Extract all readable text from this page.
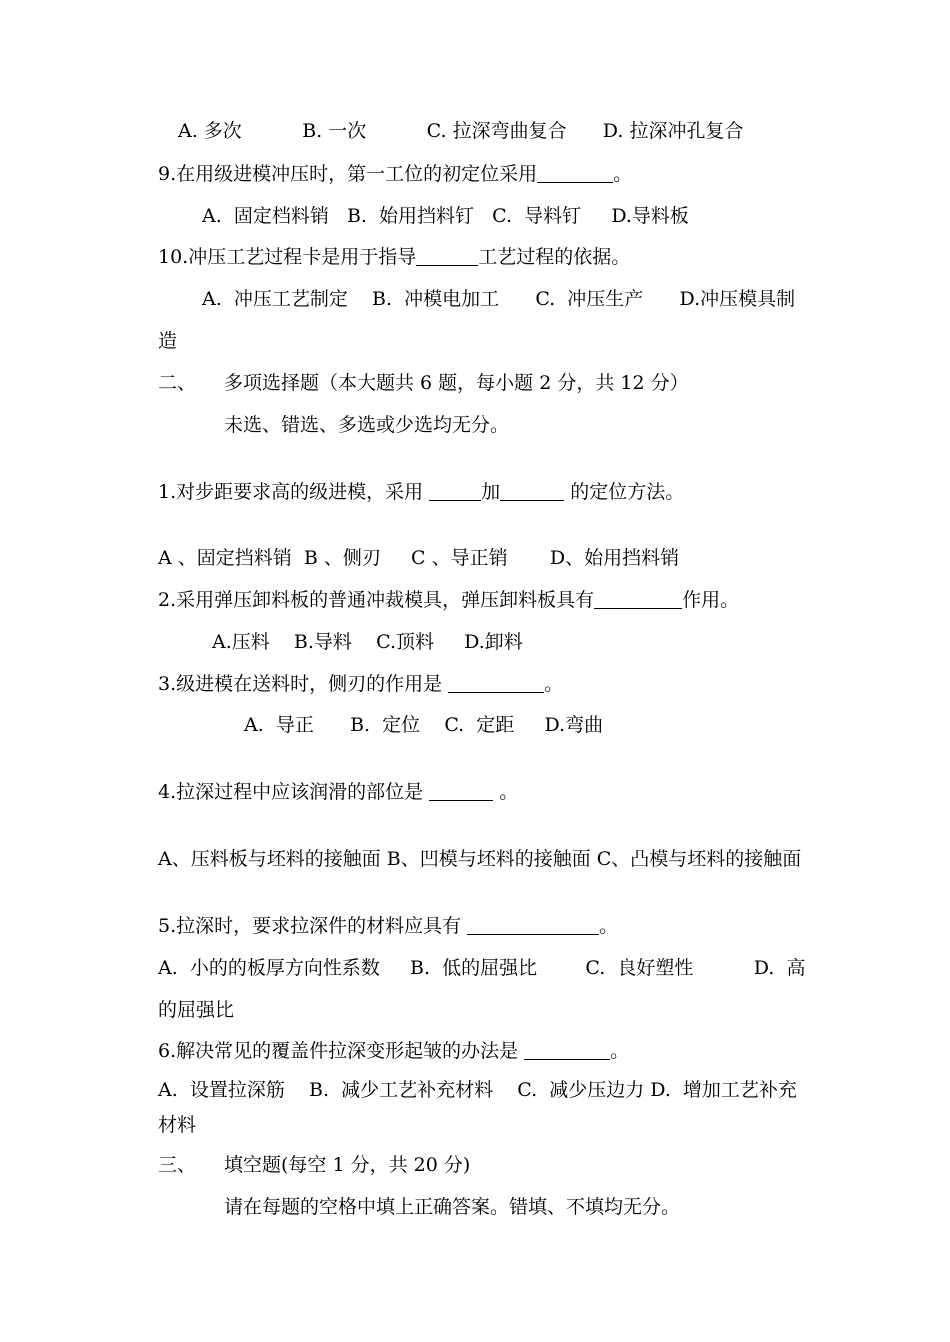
A. 多次          B. 一次          C. 拉深弯曲复合      D. 拉深冲孔复合
9.在用级进模冲压时，第一工位的初定位采用	。
A.  固定档料销   B.  始用挡料钉   C.  导料钉     D.导料板
10.冲压工艺过程卡是用于指导	工艺过程的依据。
A.  冲压工艺制定    B.  冲模电加工      C.  冲压生产      D.冲压模具制
造
二、 多项选择题（本大题共 6 题，每小题 2 分，共 12 分）
未选、错选、多选或少选均无分。
1.对步距要求高的级进模，采用	加	的定位方法。
A 、固定挡料销  B 、侧刃     C 、导正销       D、始用挡料销
2.采用弹压卸料板的普通冲裁模具，弹压卸料板具有	作用。
A.压料    B.导料    C.顶料     D.卸料
3.级进模在送料时，侧刃的作用是	。
A.  导正      B.  定位    C.  定距     D.弯曲
4.拉深过程中应该润滑的部位是	。
A、压料板与坯料的接触面 B、凹模与坯料的接触面 C、凸模与坯料的接触面
5.拉深时，要求拉深件的材料应具有	。
A.  小的的板厚方向性系数     B.  低的屈强比        C.  良好塑性          D.  高
的屈强比
6.解决常见的覆盖件拉深变形起皱的办法是	。
A.  设置拉深筋    B.  减少工艺补充材料    C.  减少压边力 D.  增加工艺补充
材料
三、 填空题(每空 1 分，共 20 分)
请在每题的空格中填上正确答案。错填、不填均无分。
